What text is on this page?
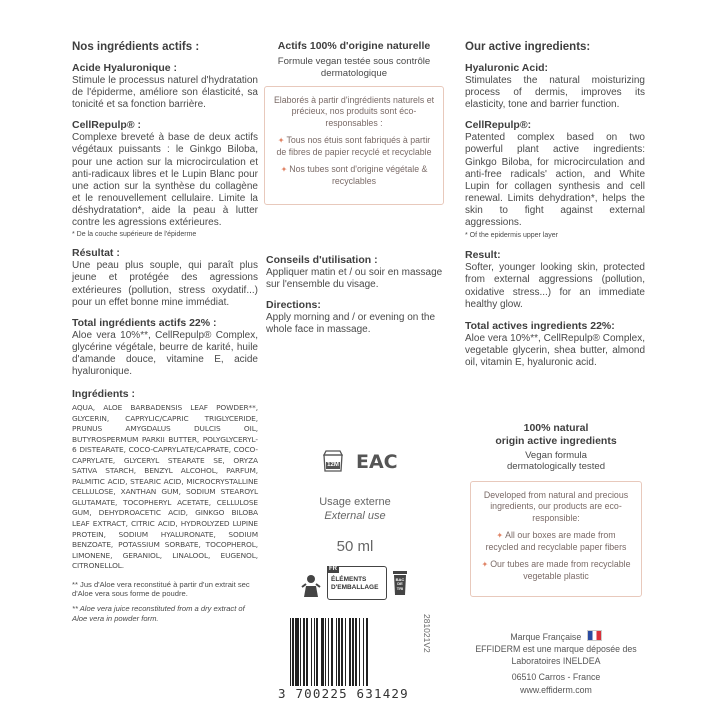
Nos ingrédients actifs :
Acide Hyaluronique :

Stimule le processus naturel d'hydratation de l'épiderme, améliore son élasticité, sa tonicité et sa fonction barrière.

CellRepulp® :

Complexe breveté à base de deux actifs végétaux puissants : le Ginkgo Biloba, pour une action sur la microcirculation et anti-radicaux libres et le Lupin Blanc pour une action sur la synthèse du collagène et le renouvellement cellulaire. Limite la déshydratation*, aide la peau à lutter contre les agressions extérieures.

* De la couche supérieure de l'épiderme

Résultat :

Une peau plus souple, qui paraît plus jeune et protégée des agressions extérieures (pollution, stress oxydatif...) pour un effet bonne mine immédiat.

Total ingrédients actifs 22% :

Aloe vera 10%**, CellRepulp® Complex, glycérine végétale, beurre de karité, huile d'amande douce, vitamine E, acide hyaluronique.

Ingrédients :

AQUA, ALOE BARBADENSIS LEAF POWDER**, GLYCERIN, CAPRYLIC/CAPRIC TRIGLYCERIDE, PRUNUS AMYGDALUS DULCIS OIL, BUTYROSPERMUM PARKII BUTTER, POLYGLYCERYL-6 DISTEARATE, COCO-CAPRYLATE/CAPRATE, COCO-CAPRYLATE, GLYCERYL STEARATE SE, ORYZA SATIVA STARCH, BENZYL ALCOHOL, PARFUM, PALMITIC ACID, STEARIC ACID, MICROCRYSTALLINE CELLULOSE, XANTHAN GUM, SODIUM STEAROYL GLUTAMATE, TOCOPHERYL ACETATE, CELLULOSE GUM, DEHYDROACETIC ACID, GINKGO BILOBA LEAF EXTRACT, CITRIC ACID, HYDROLYZED LUPINE PROTEIN, SODIUM HYALURONATE, SODIUM BENZOATE, POTASSIUM SORBATE, TOCOPHEROL, LIMONENE, GERANIOL, LINALOOL, EUGENOL, CITRONELLOL.

** Jus d'Aloe vera reconstitué à partir d'un extrait sec d'Aloe vera sous forme de poudre.

** Aloe vera juice reconstituted from a dry extract of Aloe vera in powder form.

Actifs 100% d'origine naturelle

Formule vegan testée sous contrôle dermatologique

Elaborés à partir d'ingrédients naturels et précieux, nos produits sont éco-responsables :

✦ Tous nos étuis sont fabriqués à partir de fibres de papier recyclé et recyclable

✦ Nos tubes sont d'origine végétale & recyclables

Conseils d'utilisation :

Appliquer matin et / ou soir en massage sur l'ensemble du visage.

Directions:

Apply morning and / or evening on the whole face in massage.

12M EAC

Usage externe

External use

50 ml

FR
ÉLÉMENTS
D'EMBALLAGE
BAC DE TRI
3 700225 631429
281021V2
Our active ingredients:
Hyaluronic Acid:

Stimulates the natural moisturizing process of dermis, improves its elasticity, tone and barrier function.

CellRepulp®:

Patented complex based on two powerful plant active ingredients: Ginkgo Biloba, for microcirculation and anti-free radicals' action, and White Lupin for collagen synthesis and cell renewal. Limits dehydration*, helps the skin to fight against external aggressions.

* Of the epidermis upper layer

Result:

Softer, younger looking skin, protected from external aggressions (pollution, oxidative stress...) for an immediate healthy glow.

Total actives ingredients 22%:

Aloe vera 10%**, CellRepulp® Complex, vegetable glycerin, shea butter, almond oil, vitamin E, hyaluronic acid.

100% natural
origin active ingredients

Vegan formula

dermatologically tested

Developed from natural and precious ingredients, our products are eco-responsible:

✦ All our boxes are made from recycled and recyclable paper fibers

✦ Our tubes are made from recyclable vegetable plastic

Marque Française

EFFIDERM est une marque déposée des

Laboratoires INELDEA

06510 Carros - France

www.effiderm.com
